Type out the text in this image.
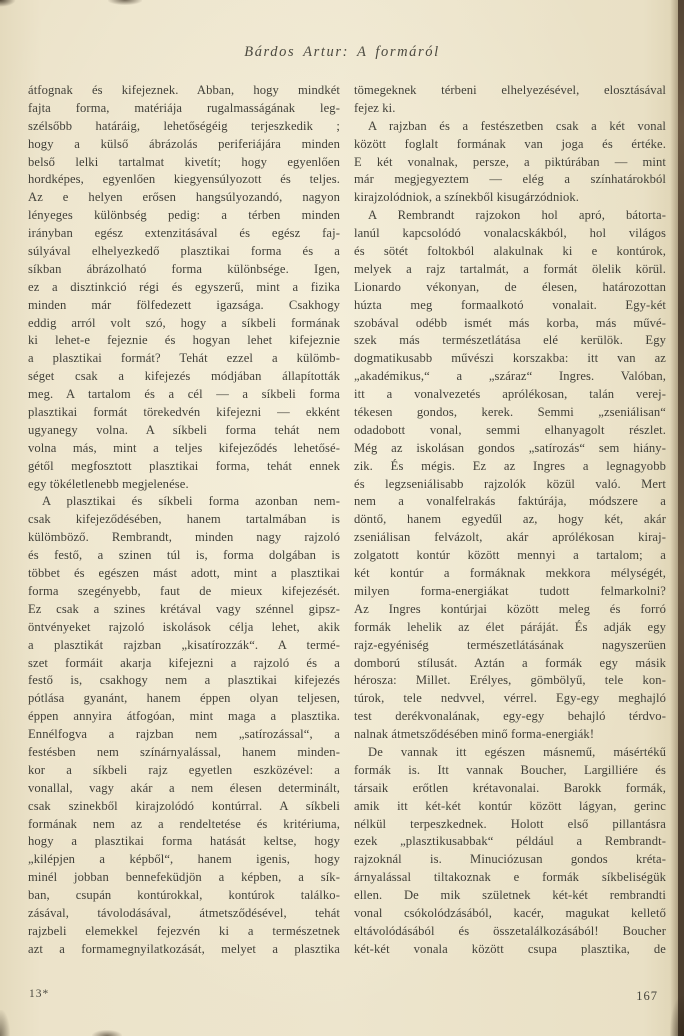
Bárdos Artur: A formáról
átfognak és kifejeznek. Abban, hogy mindkét
fajta forma, matériája rugalmasságának leg-
szélsőbb határáig, lehetőségéig terjeszkedik ;
hogy a külső ábrázolás periferiájára minden
belső lelki tartalmat kivetít; hogy egyenlően
hordképes, egyenlően kiegyensúlyozott és teljes.
Az e helyen erősen hangsúlyozandó, nagyon
lényeges különbség pedig: a térben minden
irányban egész extenzitásával és egész faj-
súlyával elhelyezkedő plasztikai forma és a
síkban ábrázolható forma különbsége. Igen,
ez a disztinkció régi és egyszerű, mint a fizika
minden már fölfedezett igazsága. Csakhogy
eddig arról volt szó, hogy a síkbeli formának
ki lehet-e fejeznie és hogyan lehet kifejeznie
a plasztikai formát? Tehát ezzel a külömb-
séget csak a kifejezés módjában állapították
meg. A tartalom és a cél — a síkbeli forma
plasztikai formát törekedvén kifejezni — ekként
ugyanegy volna. A síkbeli forma tehát nem
volna más, mint a teljes kifejeződés lehetősé-
gétől megfosztott plasztikai forma, tehát ennek
egy tökéletlenebb megjelenése.
A plasztikai és síkbeli forma azonban nem-
csak kifejeződésében, hanem tartalmában is
külömböző. Rembrandt, minden nagy rajzoló
és festő, a szinen túl is, forma dolgában is
többet és egészen mást adott, mint a plasztikai
forma szegényebb, faut de mieux kifejezését.
Ez csak a szines krétával vagy szénnel gipsz-
öntvényeket rajzoló iskolások célja lehet, akik
a plasztikát rajzban „kisatírozzák“. A termé-
szet formáit akarja kifejezni a rajzoló és a
festő is, csakhogy nem a plasztikai kifejezés
pótlása gyanánt, hanem éppen olyan teljesen,
éppen annyira átfogóan, mint maga a plasztika.
Ennélfogva a rajzban nem „satírozással“, a
festésben nem színárnyalással, hanem minden-
kor a síkbeli rajz egyetlen eszközével: a
vonallal, vagy akár a nem élesen determinált,
csak szinekből kirajzolódó kontúrral. A síkbeli
formának nem az a rendeltetése és kritériuma,
hogy a plasztikai forma hatását keltse, hogy
„kilépjen a képből“, hanem igenis, hogy
minél jobban bennefeküdjön a képben, a sík-
ban, csupán kontúrokkal, kontúrok találko-
zásával, távolodásával, átmetsződésével, tehát
rajzbeli elemekkel fejezvén ki a természetnek
azt a formamegnyilatkozását, melyet a plasztika
tömegeknek térbeni elhelyezésével, elosztásával
fejez ki.
A rajzban és a festészetben csak a két vonal
között foglalt formának van joga és értéke.
E két vonalnak, persze, a piktúrában — mint
már megjegyeztem — elég a színhatárokból
kirajzolódniok, a színekből kisugárzódniok.
A Rembrandt rajzokon hol apró, bátorta-
lanúl kapcsolódó vonalacskákból, hol világos
és sötét foltokból alakulnak ki e kontúrok,
melyek a rajz tartalmát, a formát ölelik körül.
Lionardo vékonyan, de élesen, határozottan
húzta meg formaalkotó vonalait. Egy-két
szobával odébb ismét más korba, más művé-
szek más természetlátása elé kerülök. Egy
dogmatikusabb művészi korszakba: itt van az
„akadémikus,“ a „száraz“ Ingres. Valóban,
itt a vonalvezetés aprólékosan, talán verej-
tékesen gondos, kerek. Semmi „zseniálisan“
odadobott vonal, semmi elhanyagolt részlet.
Még az iskolásan gondos „satírozás“ sem hiány-
zik. És mégis. Ez az Ingres a legnagyobb
és legzseniálisabb rajzolók közül való. Mert
nem a vonalfelrakás faktúrája, módszere a
döntő, hanem egyedűl az, hogy két, akár
zseniálisan felvázolt, akár aprólékosan kiraj-
zolgatott kontúr között mennyi a tartalom; a
két kontúr a formáknak mekkora mélységét,
milyen forma-energiákat tudott felmarkolni?
Az Ingres kontúrjai között meleg és forró
formák lehelik az élet páráját. És adják egy
rajz-egyéniség természetlátásának nagyszerüen
domború stílusát. Aztán a formák egy másik
hérosza: Millet. Erélyes, gömbölyű, tele kon-
túrok, tele nedvvel, vérrel. Egy-egy meghajló
test derékvonalának, egy-egy behajló térdvo-
nalnak átmetsződésében minő forma-energiák!
De vannak itt egészen másnemű, másértékű
formák is. Itt vannak Boucher, Largilliére és
társaik erőtlen krétavonalai. Barokk formák,
amik itt két-két kontúr között lágyan, gerinc
nélkül terpeszkednek. Holott első pillantásra
ezek „plasztikusabbak“ például a Rembrandt-
rajzoknál is. Minuciózusan gondos kréta-
árnyalással tiltakoznak e formák síkbeliségük
ellen. De mik születnek két-két rembrandti
vonal csókolódzásából, kacér, magukat kellető
eltávolódásából és összetalálkozásából! Boucher
két-két vonala között csupa plasztika, de
13*	167
